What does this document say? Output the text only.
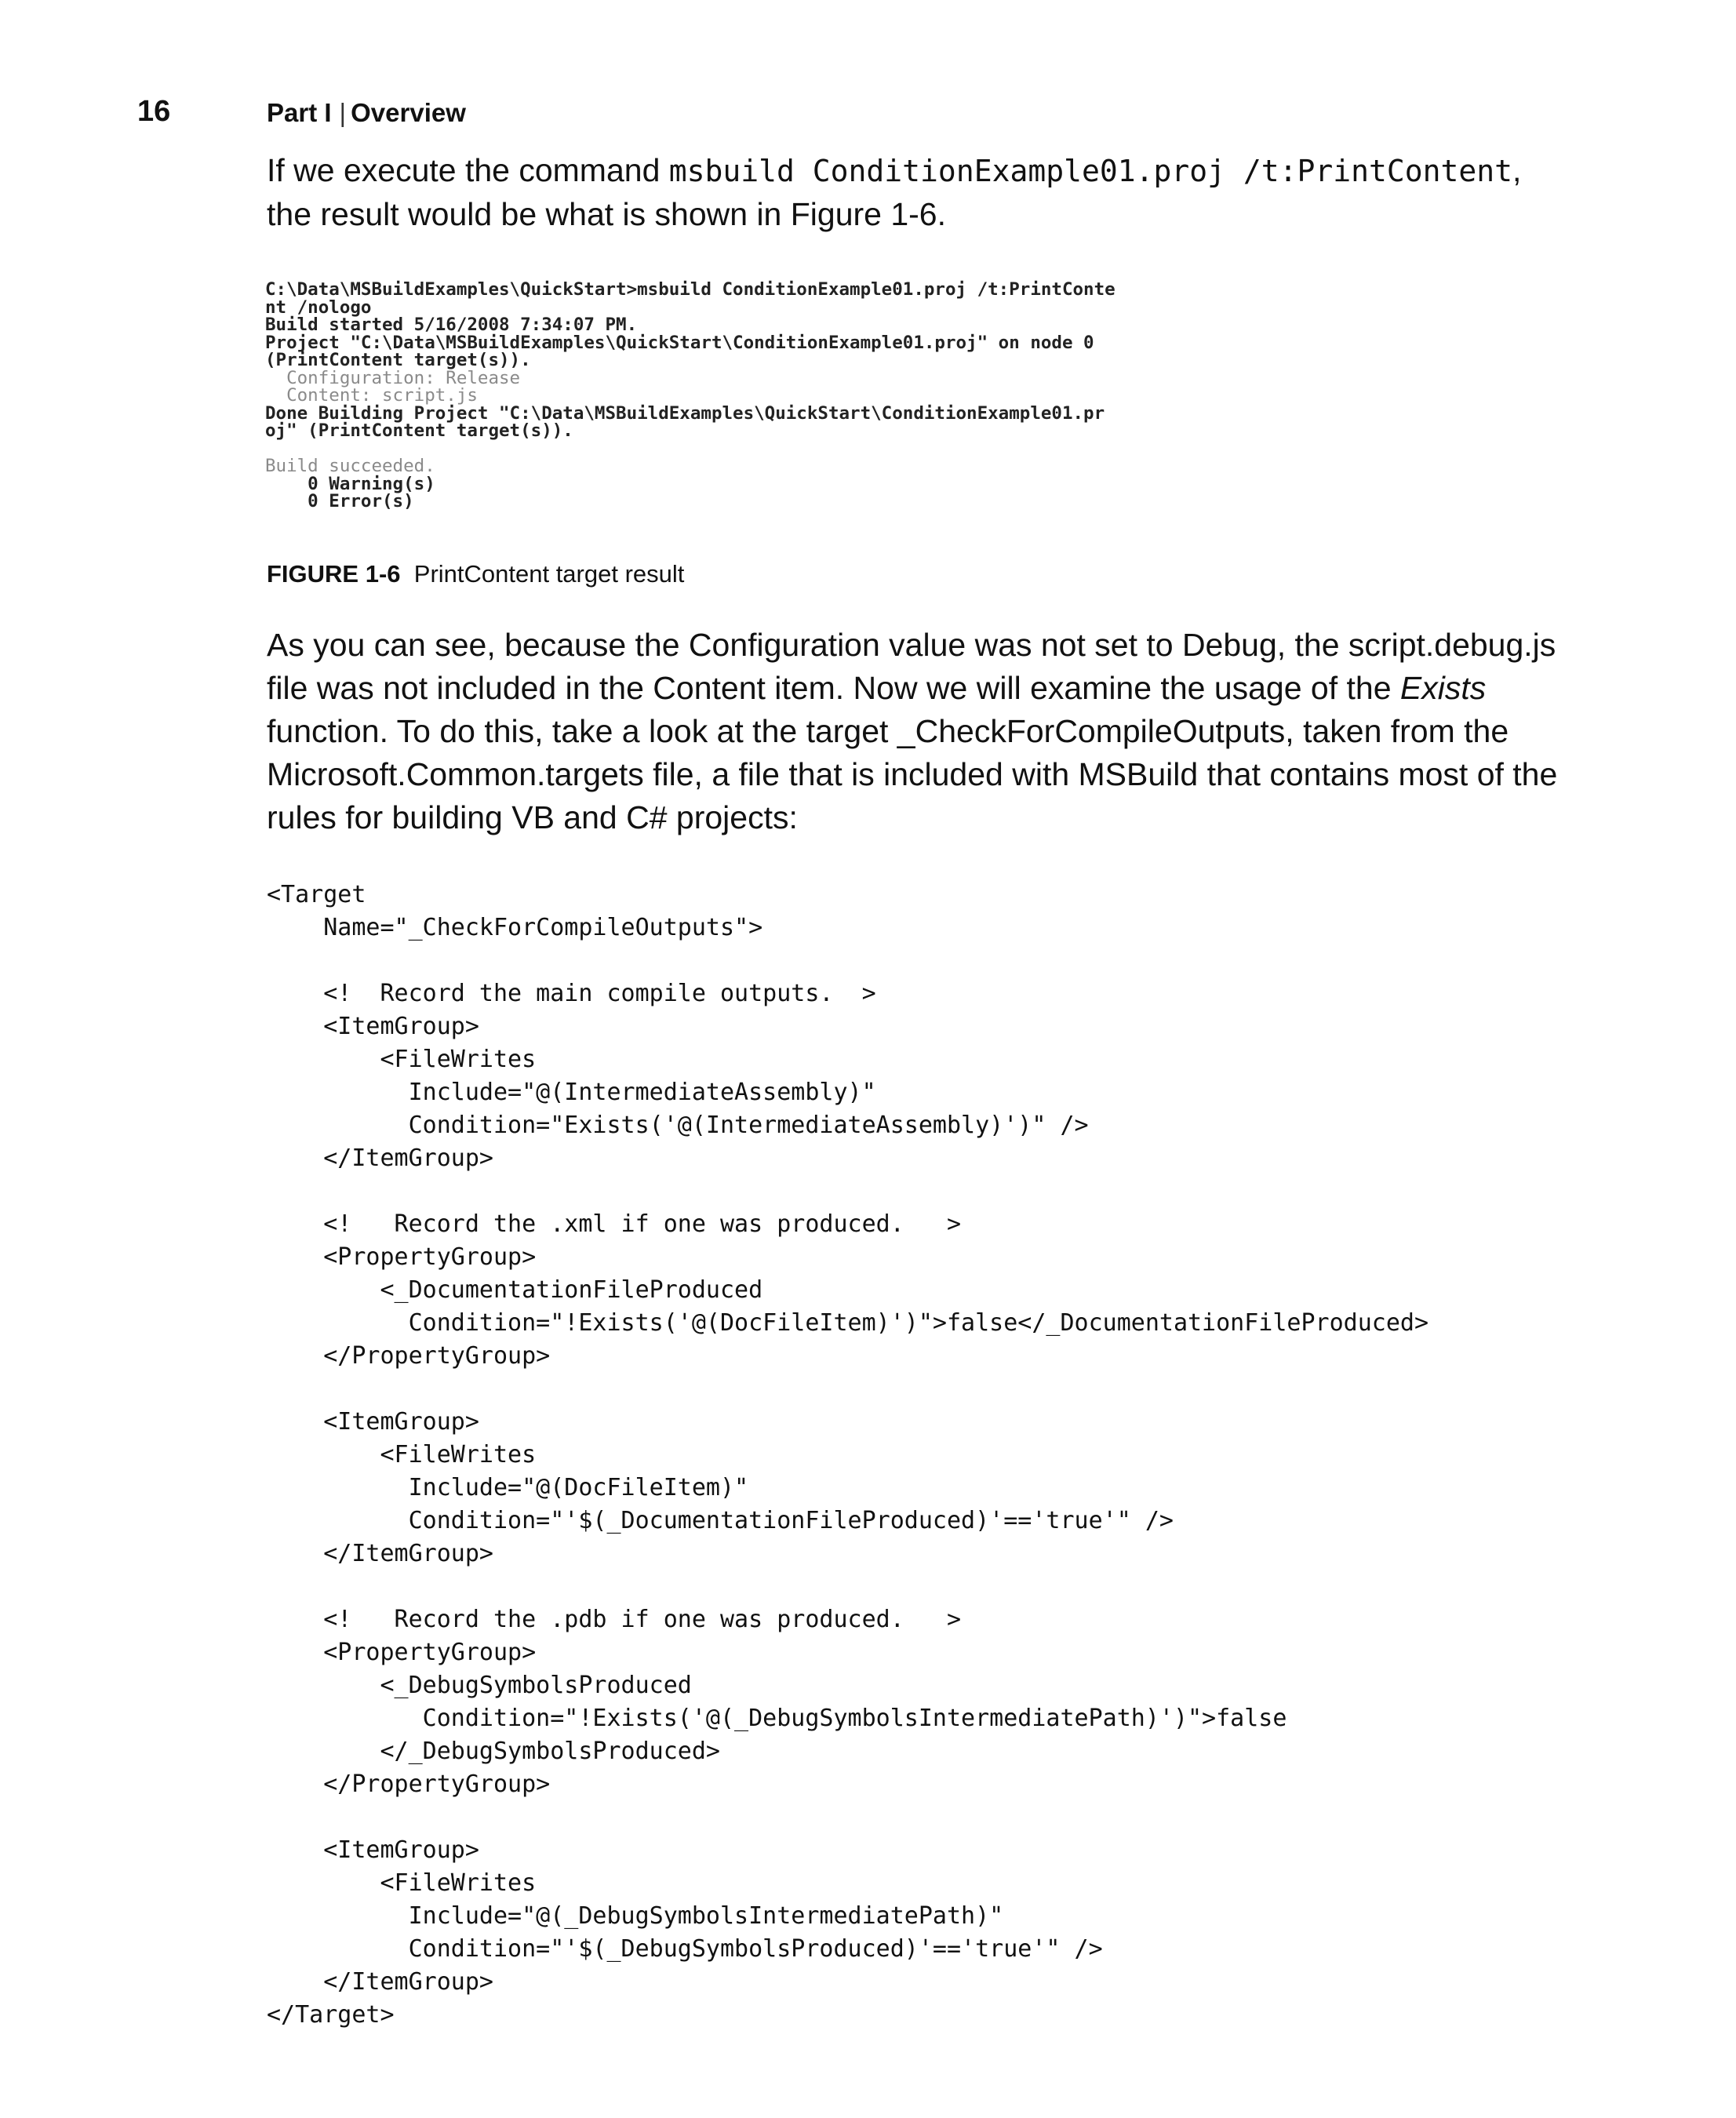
16	Part I | Overview

If we execute the command msbuild ConditionExample01.proj /t:PrintContent, the result would be what is shown in Figure 1-6.

C:\Data\MSBuildExamples\QuickStart>msbuild ConditionExample01.proj /t:PrintConte
nt /nologo
Build started 5/16/2008 7:34:07 PM.
Project "C:\Data\MSBuildExamples\QuickStart\ConditionExample01.proj" on node 0
(PrintContent target(s)).
Configuration: Release
Content: script.js
Done Building Project "C:\Data\MSBuildExamples\QuickStart\ConditionExample01.pr
oj" (PrintContent target(s)).
Build succeeded.
0 Warning(s)
0 Error(s)
FIGURE 1-6 PrintContent target result

As you can see, because the Configuration value was not set to Debug, the script.debug.js file was not included in the Content item. Now we will examine the usage of the Exists function. To do this, take a look at the target _CheckForCompileOutputs, taken from the Microsoft.Common.targets file, a file that is included with MSBuild that contains most of the rules for building VB and C# projects:

<Target
Name="_CheckForCompileOutputs">
<!  Record the main compile outputs.  >
<ItemGroup>
<FileWrites
Include="@(IntermediateAssembly)"
Condition="Exists('@(IntermediateAssembly)')" />
</ItemGroup>
<!   Record the .xml if one was produced.   >
<PropertyGroup>
<_DocumentationFileProduced
Condition="!Exists('@(DocFileItem)')">false</_DocumentationFileProduced>
</PropertyGroup>
<ItemGroup>
<FileWrites
Include="@(DocFileItem)"
Condition="'$(_DocumentationFileProduced)'=='true'" />
</ItemGroup>
<!   Record the .pdb if one was produced.   >
<PropertyGroup>
<_DebugSymbolsProduced
Condition="!Exists('@(_DebugSymbolsIntermediatePath)')">false
</_DebugSymbolsProduced>
</PropertyGroup>
<ItemGroup>
<FileWrites
Include="@(_DebugSymbolsIntermediatePath)"
Condition="'$(_DebugSymbolsProduced)'=='true'" />
</ItemGroup>
</Target>
